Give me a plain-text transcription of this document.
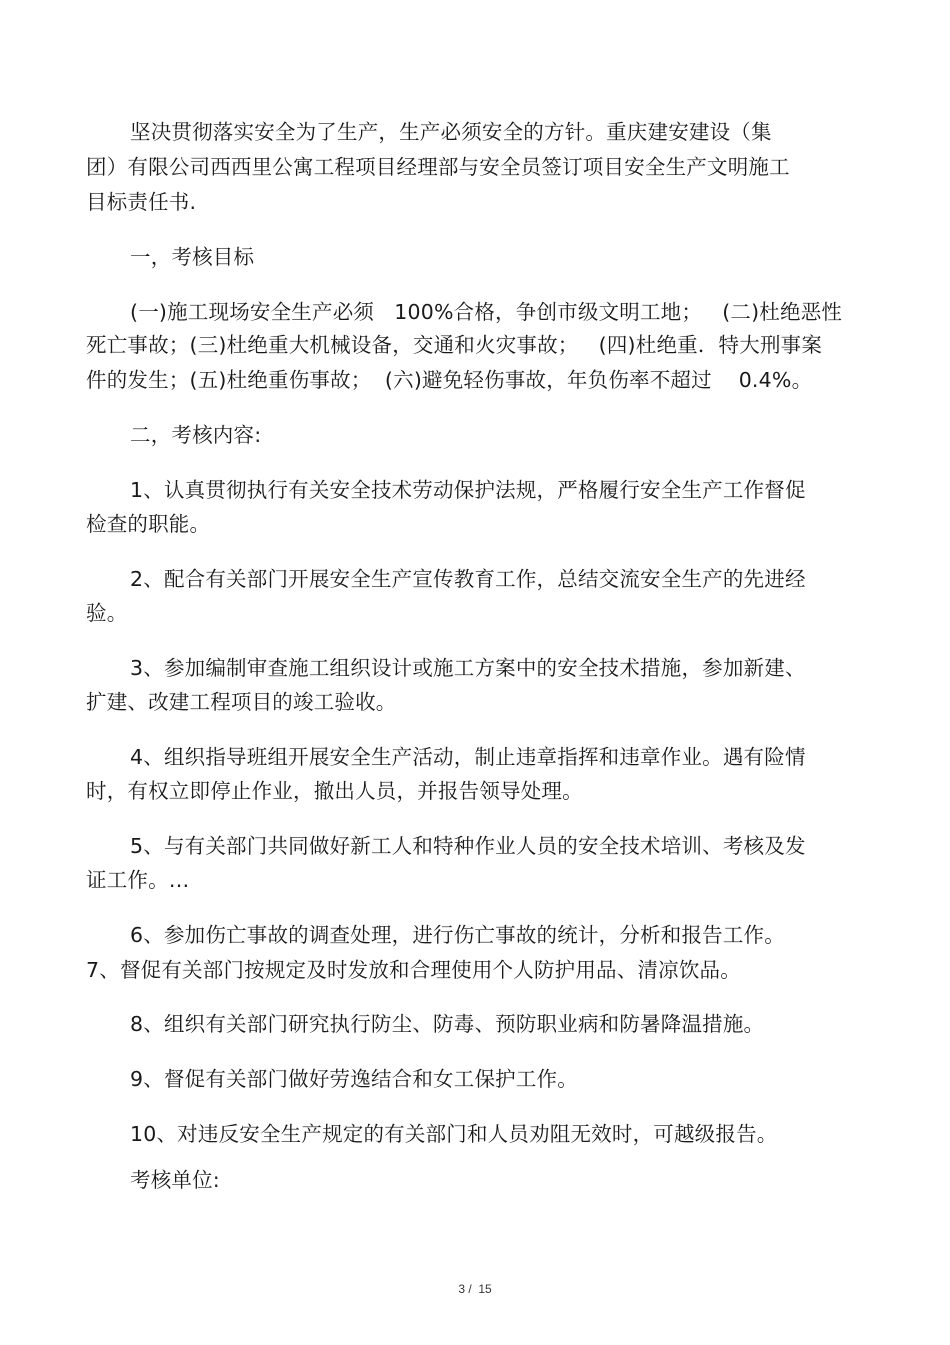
坚决贯彻落实安全为了生产，生产必须安全的方针。重庆建安建设（集
团）有限公司西西里公寓工程项目经理部与安全员签订项目安全生产文明施工
目标责任书.
一，考核目标
(一)施工现场安全生产必须   100%合格，争创市级文明工地；   (二)杜绝恶性
死亡事故；(三)杜绝重大机械设备，交通和火灾事故；   (四)杜绝重．特大刑事案
件的发生；(五)杜绝重伤事故；  (六)避免轻伤事故，年负伤率不超过    0.4%。
二，考核内容:
1、认真贯彻执行有关安全技术劳动保护法规，严格履行安全生产工作督促
检查的职能。
2、配合有关部门开展安全生产宣传教育工作，总结交流安全生产的先进经
验。
3、参加编制审查施工组织设计或施工方案中的安全技术措施，参加新建、
扩建、改建工程项目的竣工验收。
4、组织指导班组开展安全生产活动，制止违章指挥和违章作业。遇有险情
时，有权立即停止作业，撤出人员，并报告领导处理。
5、与有关部门共同做好新工人和特种作业人员的安全技术培训、考核及发
证工作。…
6、参加伤亡事故的调查处理，进行伤亡事故的统计，分析和报告工作。
7、督促有关部门按规定及时发放和合理使用个人防护用品、清凉饮品。
8、组织有关部门研究执行防尘、防毒、预防职业病和防暑降温措施。
9、督促有关部门做好劳逸结合和女工保护工作。
10、对违反安全生产规定的有关部门和人员劝阻无效时，可越级报告。
考核单位:
3 /  15
